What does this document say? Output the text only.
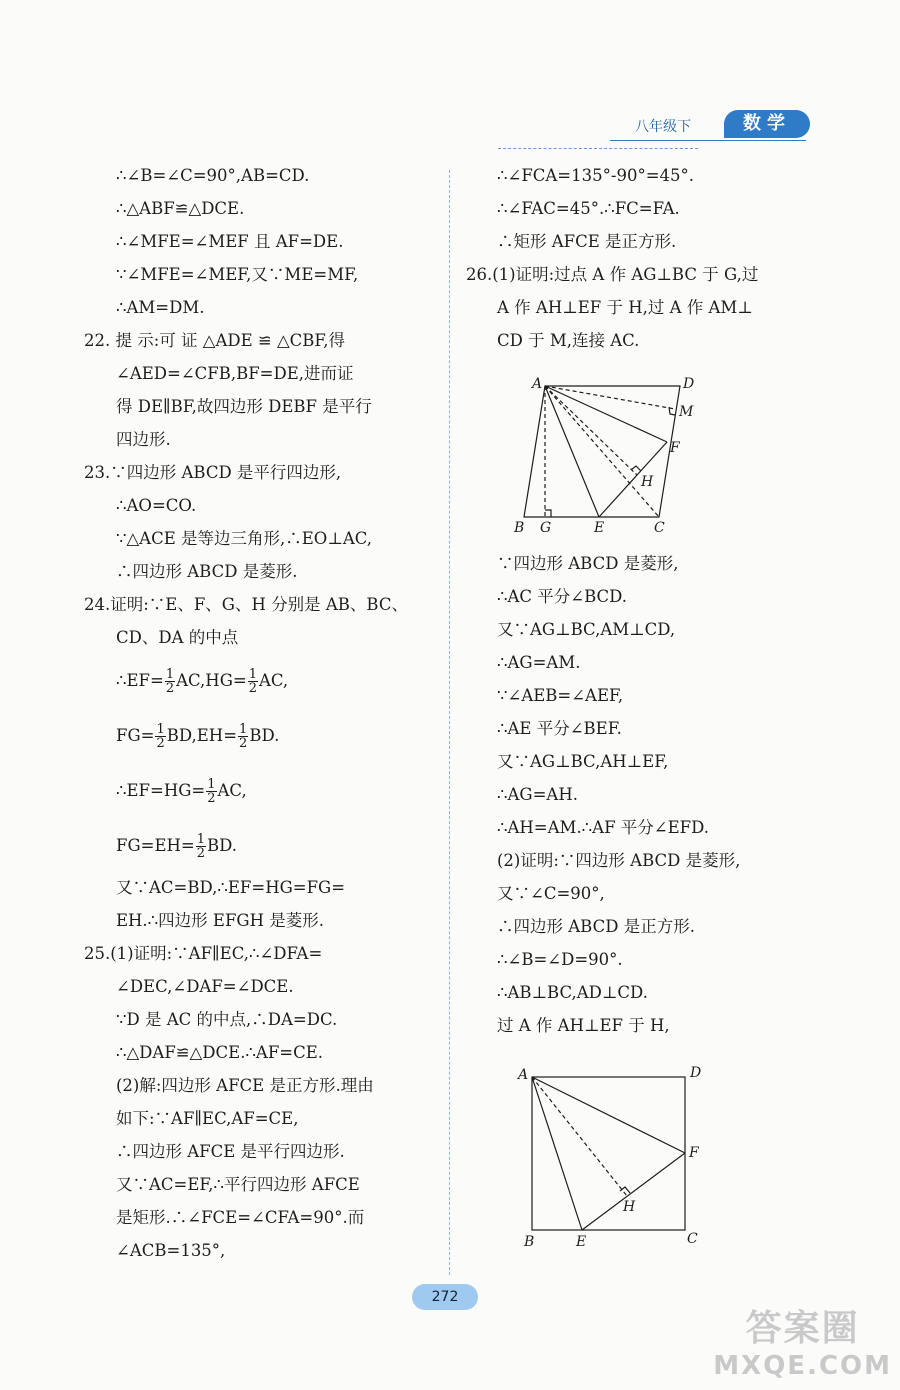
八年级下	数学
∴∠B=∠C=90°,AB=CD.
∴△ABF≌△DCE.
∴∠MFE=∠MEF 且 AF=DE.
∵∠MFE=∠MEF,又∵ME=MF,
∴AM=DM.
22. 提 示:可 证 △ADE ≌ △CBF,得
∠AED=∠CFB,BF=DE,进而证
得 DE∥BF,故四边形 DEBF 是平行
四边形.
23.∵四边形 ABCD 是平行四边形,
∴AO=CO.
∵△ACE 是等边三角形,∴EO⊥AC,
∴四边形 ABCD 是菱形.
24.证明:∵E、F、G、H 分别是 AB、BC、
CD、DA 的中点
∴EF= $\frac{1}{2} AC,HG= \frac{1}{2}$ AC,
$FG= \frac{1}{2} BD,EH= \frac{1}{2}$ BD.
∴EF=HG= $\frac{1}{2}$ AC,
$FG=EH= \frac{1}{2}$ BD.
又∵AC=BD,∴EF=HG=FG=
EH.∴四边形 EFGH 是菱形.
25.(1)证明:∵AF∥EC,∴∠DFA=
∠DEC,∠DAF=∠DCE.
∵D 是 AC 的中点,∴DA=DC.
∴△DAF≌△DCE.∴AF=CE.
(2)解:四边形 AFCE 是正方形.理由
如下:∵AF∥EC,AF=CE,
∴四边形 AFCE 是平行四边形.
又∵AC=EF,∴平行四边形 AFCE
是矩形.∴∠FCE=∠CFA=90°.而
∠ACB=135°,
∴∠FCA=135°-90°=45°.
∴∠FAC=45°.∴FC=FA.
∴矩形 AFCE 是正方形.
26.(1)证明:过点 A 作 AG⊥BC 于 G,过
A 作 AH⊥EF 于 H,过 A 作 AM⊥
CD 于 M,连接 AC.
A	D
M
F
H
B G	E	C
∵四边形 ABCD 是菱形,
∴AC 平分∠BCD.
又∵AG⊥BC,AM⊥CD,
∴AG=AM.
∵∠AEB=∠AEF,
∴AE 平分∠BEF.
又∵AG⊥BC,AH⊥EF,
∴AG=AH.
∴AH=AM.∴AF 平分∠EFD.
(2)证明:∵四边形 ABCD 是菱形,
又∵∠C=90°,
∴四边形 ABCD 是正方形.
∴∠B=∠D=90°.
∴AB⊥BC,AD⊥CD.
过 A 作 AH⊥EF 于 H,
A	D
F
H
B	E	C
272
答案圈
MXQE.COM
